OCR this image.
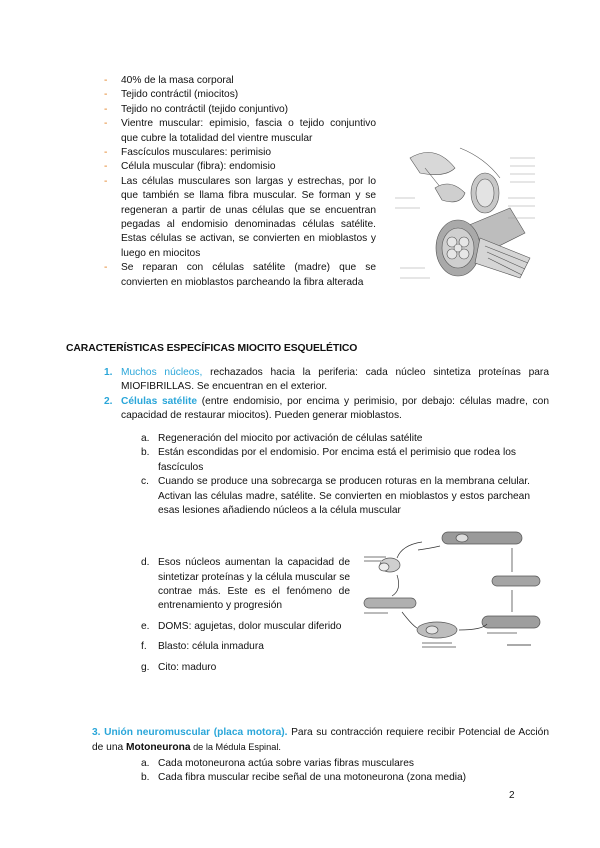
- 40% de la masa corporal
- Tejido contráctil (miocitos)
- Tejido no contráctil (tejido conjuntivo)
- Vientre muscular: epimisio, fascia o tejido conjuntivo que cubre la totalidad del vientre muscular
- Fascículos musculares: perimisio
- Célula muscular (fibra): endomisio
- Las células musculares son largas y estrechas, por lo que también se llama fibra muscular. Se forman y se regeneran a partir de unas células que se encuentran pegadas al endomisio denominadas células satélite. Estas células se activan, se convierten en mioblastos y luego en miocitos
- Se reparan con células satélite (madre) que se convierten en mioblastos parcheando la fibra alterada
CARACTERÍSTICAS ESPECÍFICAS MIOCITO ESQUELÉTICO
1. Muchos núcleos, rechazados hacia la periferia: cada núcleo sintetiza proteínas para MIOFIBRILLAS. Se encuentran en el exterior.
2. Células satélite (entre endomisio, por encima y perimisio, por debajo: células madre, con capacidad de restaurar miocitos). Pueden generar mioblastos.
a. Regeneración del miocito por activación de células satélite
b. Están escondidas por el endomisio. Por encima está el perimisio que rodea los fascículos
c. Cuando se produce una sobrecarga se producen roturas en la membrana celular. Activan las células madre, satélite. Se convierten en mioblastos y estos parchean esas lesiones añadiendo núcleos a la célula muscular
d. Esos núcleos aumentan la capacidad de sintetizar proteínas y la célula muscular se contrae más. Este es el fenómeno de entrenamiento y progresión
e. DOMS: agujetas, dolor muscular diferido
f. Blasto: célula inmadura
g. Cito: maduro

3. Unión neuromuscular (placa motora). Para su contracción requiere recibir Potencial de Acción de una Motoneurona de la Médula Espinal.

a. Cada motoneurona actúa sobre varias fibras musculares
b. Cada fibra muscular recibe señal de una motoneurona (zona media)
2
